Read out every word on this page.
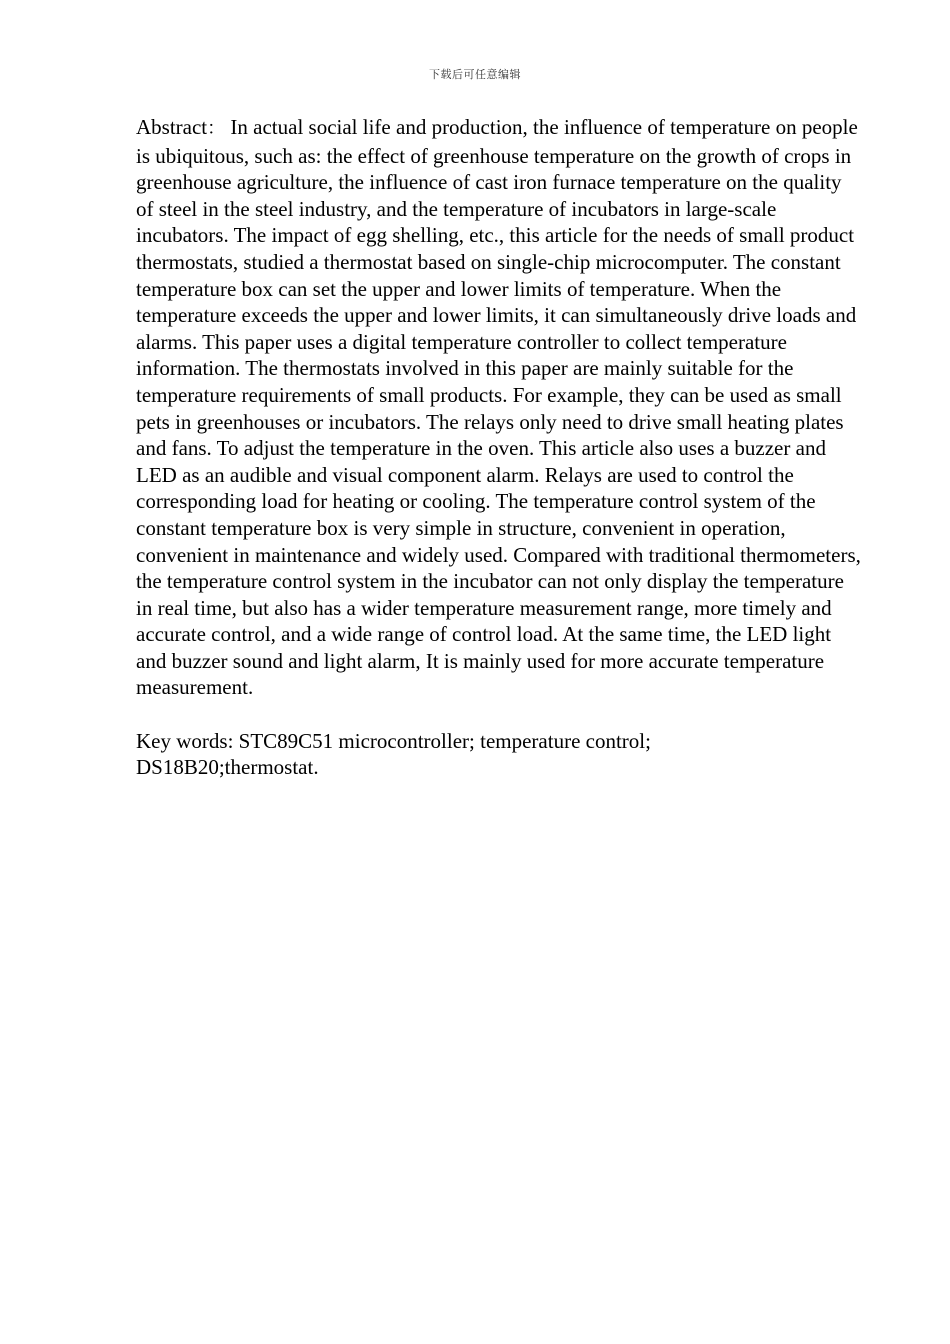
下载后可任意编辑

Abstract： In actual social life and production, the influence of temperature on people is ubiquitous, such as: the effect of greenhouse temperature on the growth of crops in greenhouse agriculture, the influence of cast iron furnace temperature on the quality of steel in the steel industry, and the temperature of incubators in large-scale incubators. The impact of egg shelling, etc., this article for the needs of small product thermostats, studied a thermostat based on single-chip microcomputer. The constant temperature box can set the upper and lower limits of temperature. When the temperature exceeds the upper and lower limits, it can simultaneously drive loads and alarms. This paper uses a digital temperature controller to collect temperature information. The thermostats involved in this paper are mainly suitable for the temperature requirements of small products. For example, they can be used as small pets in greenhouses or incubators. The relays only need to drive small heating plates and fans. To adjust the temperature in the oven. This article also uses a buzzer and LED as an audible and visual component alarm. Relays are used to control the corresponding load for heating or cooling. The temperature control system of the constant temperature box is very simple in structure, convenient in operation, convenient in maintenance and widely used. Compared with traditional thermometers, the temperature control system in the incubator can not only display the temperature in real time, but also has a wider temperature measurement range, more timely and accurate control, and a wide range of control load. At the same time, the LED light and buzzer sound and light alarm, It is mainly used for more accurate temperature measurement.

Key words: STC89C51 microcontroller; temperature control;
DS18B20;thermostat.
